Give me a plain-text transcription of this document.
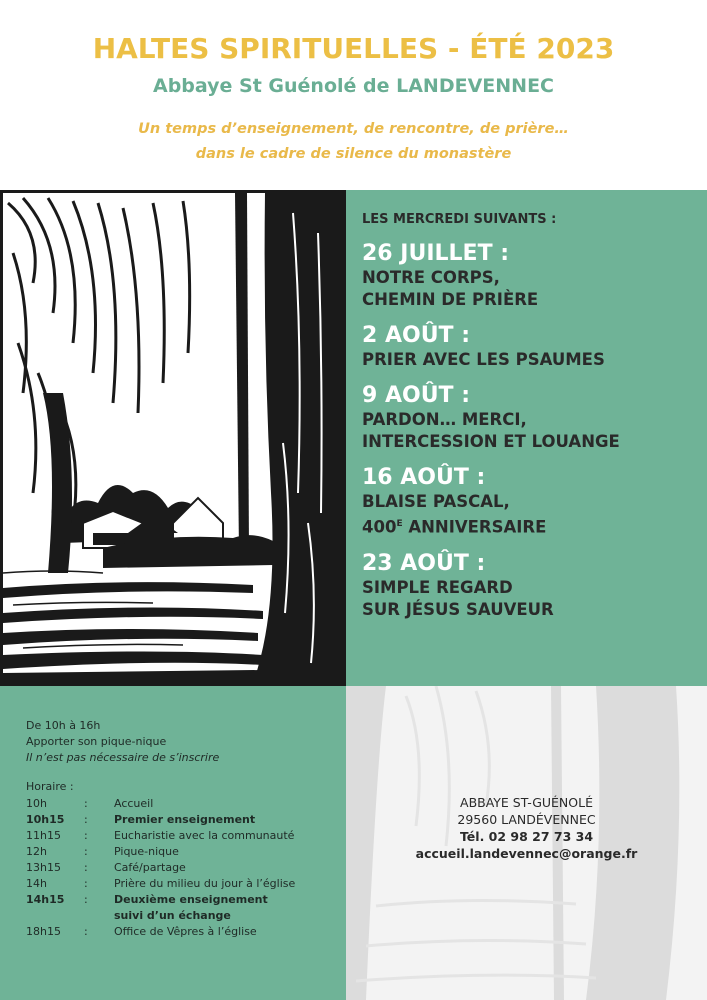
HALTES SPIRITUELLES - ÉTÉ 2023
Abbaye St Guénolé de LANDEVENNEC
Un temps d’enseignement, de rencontre, de prière…
dans le cadre de silence du monastère
LES MERCREDI SUIVANTS :
26 JUILLET :
NOTRE CORPS,
CHEMIN DE PRIÈRE
2 AOÛT :
PRIER AVEC LES PSAUMES
9 AOÛT :
PARDON… MERCI,
INTERCESSION ET LOUANGE
16 AOÛT :
BLAISE PASCAL,
$400^E$ ANNIVERSAIRE
23 AOÛT :
SIMPLE REGARD
SUR JÉSUS SAUVEUR
De 10h à 16h
Apporter son pique-nique
Il n’est pas nécessaire de s’inscrire
Horaire :
10h	: Accueil
10h15	: Premier enseignement
11h15	: Eucharistie avec la communauté
12h	: Pique-nique
13h15	: Café/partage
14h	: Prière du milieu du jour à l’église
14h15	: Deuxième enseignement
suivi d’un échange
18h15	: Office de Vêpres à l’église
ABBAYE ST-GUÉNOLÉ
29560 LANDÉVENNEC
Tél. 02 98 27 73 34
accueil.landevennec@orange.fr
